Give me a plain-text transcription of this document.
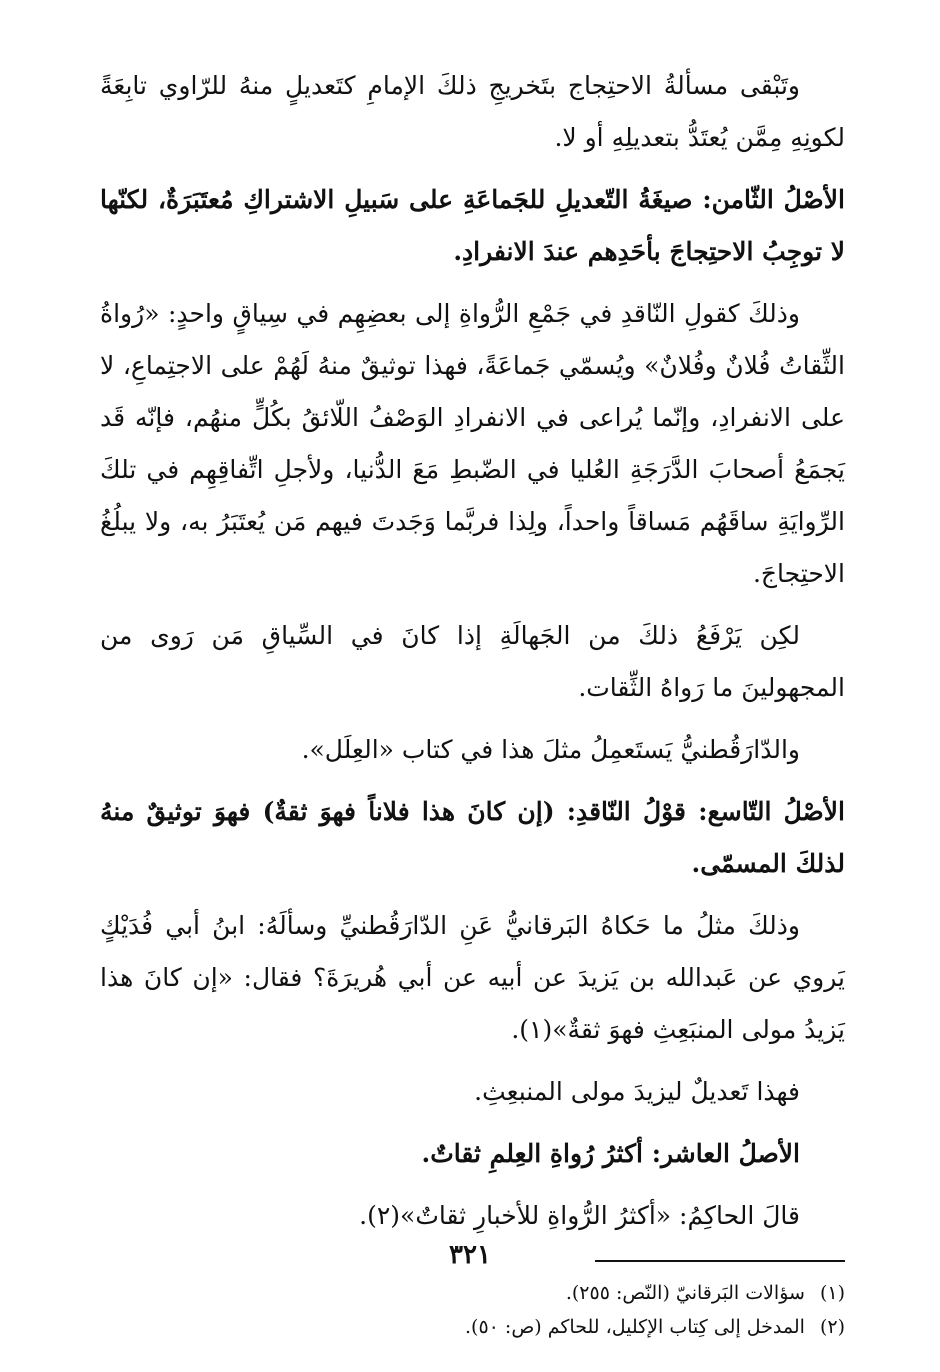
وتَبْقى مسألةُ الاحتِجاج بتَخريجِ ذلكَ الإمامِ كتَعديلٍ منهُ للرّاوي تابِعَةً لكونِهِ مِمَّن يُعتَدُّ بتعديلِهِ أو لا.

الأصْلُ الثّامن: صيغَةُ التّعديلِ للجَماعَةِ على سَبيلِ الاشتراكِ مُعتَبَرَةٌ، لكنّها لا توجِبُ الاحتِجاجَ بأحَدِهم عندَ الانفرادِ.

وذلكَ كقولِ النّاقدِ في جَمْعِ الرُّواةِ إلى بعضِهِم في سِياقٍ واحدٍ: «رُواةُ الثِّقاتُ فُلانٌ وفُلانٌ» ويُسمّي جَماعَةً، فهذا توثيقٌ منهُ لَهُمْ على الاجتِماعِ، لا على الانفرادِ، وإنّما يُراعى في الانفرادِ الوَصْفُ اللّائقُ بكُلٍّ منهُم، فإنّه قَد يَجمَعُ أصحابَ الدَّرَجَةِ العُليا في الضّبطِ مَعَ الدُّنيا، ولأجلِ اتِّفاقِهِم في تلكَ الرِّوايَةِ ساقَهُم مَساقاً واحداً، ولِذا فربَّما وَجَدتَ فيهم مَن يُعتَبَرُ به، ولا يبلُغُ الاحتِجاجَ.

لكِن يَرْفَعُ ذلكَ من الجَهالَةِ إذا كانَ في السِّياقِ مَن رَوى من المجهولينَ ما رَواهُ الثِّقات.

والدّارَقُطنيُّ يَستَعمِلُ مثلَ هذا في كتاب «العِلَل».

الأصْلُ التّاسع: قوْلُ النّاقدِ: (إن كانَ هذا فلاناً فهوَ ثقةٌ) فهوَ توثيقٌ منهُ لذلكَ المسمّى.

وذلكَ مثلُ ما حَكاهُ البَرقانيُّ عَنِ الدّارَقُطنيِّ وسألَهُ: ابنُ أبي فُدَيْكٍ يَروي عن عَبدالله بن يَزيدَ عن أبيه عن أبي هُريرَةَ؟ فقال: «إن كانَ هذا يَزيدُ مولى المنبَعِثِ فهوَ ثقةٌ»(١).

فهذا تَعديلٌ ليزيدَ مولى المنبعِثِ.

الأصلُ العاشر: أكثرُ رُواةِ العِلمِ ثقاتٌ.

قالَ الحاكِمُ: «أكثرُ الرُّواةِ للأخبارِ ثقاتٌ»(٢).

(١) سؤالات البَرقانيّ (النّص: ٢٥٥).

(٢) المدخل إلى كِتاب الإكليل، للحاكم (ص: ٥٠).

٣٢١
